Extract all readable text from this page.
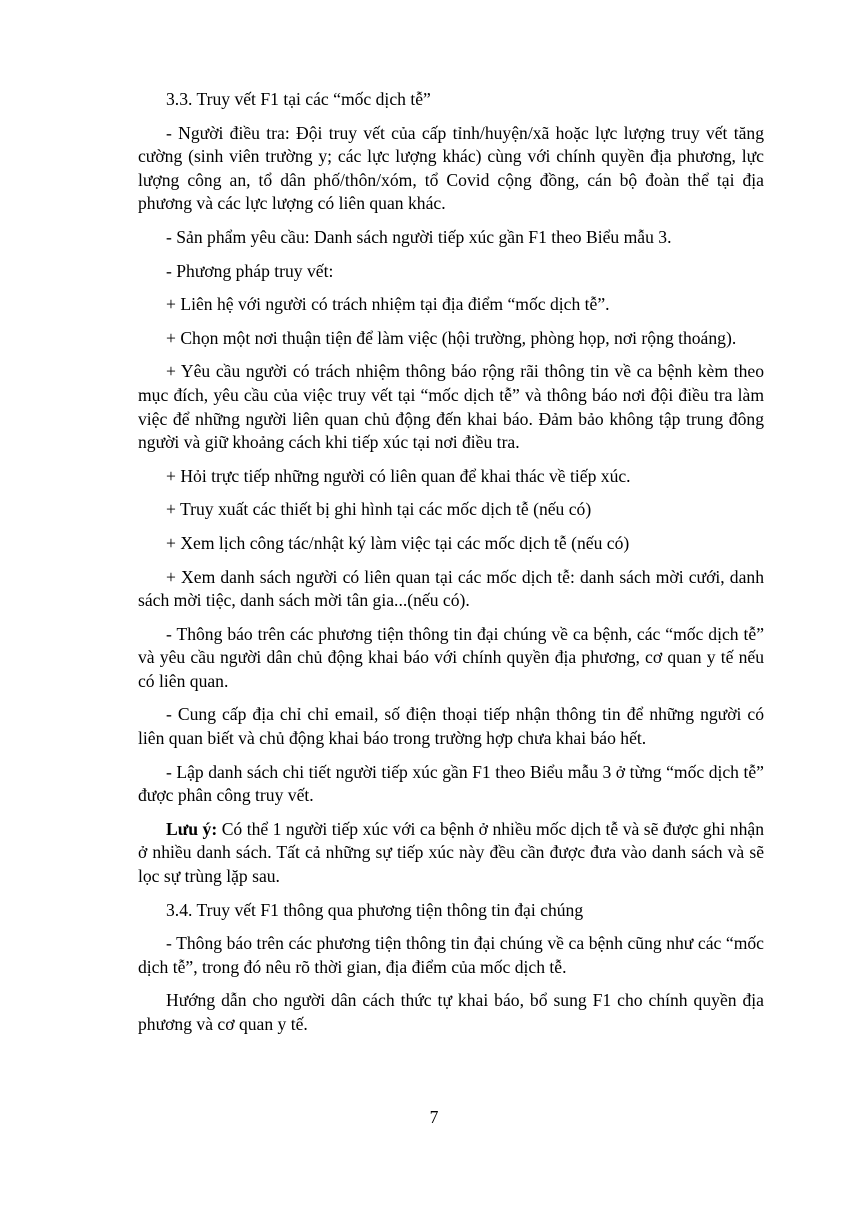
3.3. Truy vết F1 tại các “mốc dịch tễ”

- Người điều tra: Đội truy vết của cấp tỉnh/huyện/xã hoặc lực lượng truy vết tăng cường (sinh viên trường y; các lực lượng khác) cùng với chính quyền địa phương, lực lượng công an, tổ dân phố/thôn/xóm, tổ Covid cộng đồng, cán bộ đoàn thể tại địa phương và các lực lượng có liên quan khác.

- Sản phẩm yêu cầu: Danh sách người tiếp xúc gần F1 theo Biểu mẫu 3.

- Phương pháp truy vết:

+ Liên hệ với người có trách nhiệm tại địa điểm “mốc dịch tễ”.

+ Chọn một nơi thuận tiện để làm việc (hội trường, phòng họp, nơi rộng thoáng).

+ Yêu cầu người có trách nhiệm thông báo rộng rãi thông tin về ca bệnh kèm theo mục đích, yêu cầu của việc truy vết tại “mốc dịch tễ” và thông báo nơi đội điều tra làm việc để những người liên quan chủ động đến khai báo. Đảm bảo không tập trung đông người và giữ khoảng cách khi tiếp xúc tại nơi điều tra.

+ Hỏi trực tiếp những người có liên quan để khai thác về tiếp xúc.

+ Truy xuất các thiết bị ghi hình tại các mốc dịch tễ (nếu có)

+ Xem lịch công tác/nhật ký làm việc tại các mốc dịch tễ (nếu có)

+ Xem danh sách người có liên quan tại các mốc dịch tễ: danh sách mời cưới, danh sách mời tiệc, danh sách mời tân gia...(nếu có).

- Thông báo trên các phương tiện thông tin đại chúng về ca bệnh, các “mốc dịch tễ” và yêu cầu người dân chủ động khai báo với chính quyền địa phương, cơ quan y tế nếu có liên quan.

- Cung cấp địa chỉ chỉ email, số điện thoại tiếp nhận thông tin để những người có liên quan biết và chủ động khai báo trong trường hợp chưa khai báo hết.

- Lập danh sách chi tiết người tiếp xúc gần F1 theo Biểu mẫu 3 ở từng “mốc dịch tễ” được phân công truy vết.

Lưu ý: Có thể 1 người tiếp xúc với ca bệnh ở nhiều mốc dịch tễ và sẽ được ghi nhận ở nhiều danh sách. Tất cả những sự tiếp xúc này đều cần được đưa vào danh sách và sẽ lọc sự trùng lặp sau.

3.4. Truy vết F1 thông qua phương tiện thông tin đại chúng

- Thông báo trên các phương tiện thông tin đại chúng về ca bệnh cũng như các “mốc dịch tễ”, trong đó nêu rõ thời gian, địa điểm của mốc dịch tễ.

Hướng dẫn cho người dân cách thức tự khai báo, bổ sung F1 cho chính quyền địa phương và cơ quan y tế.

7
